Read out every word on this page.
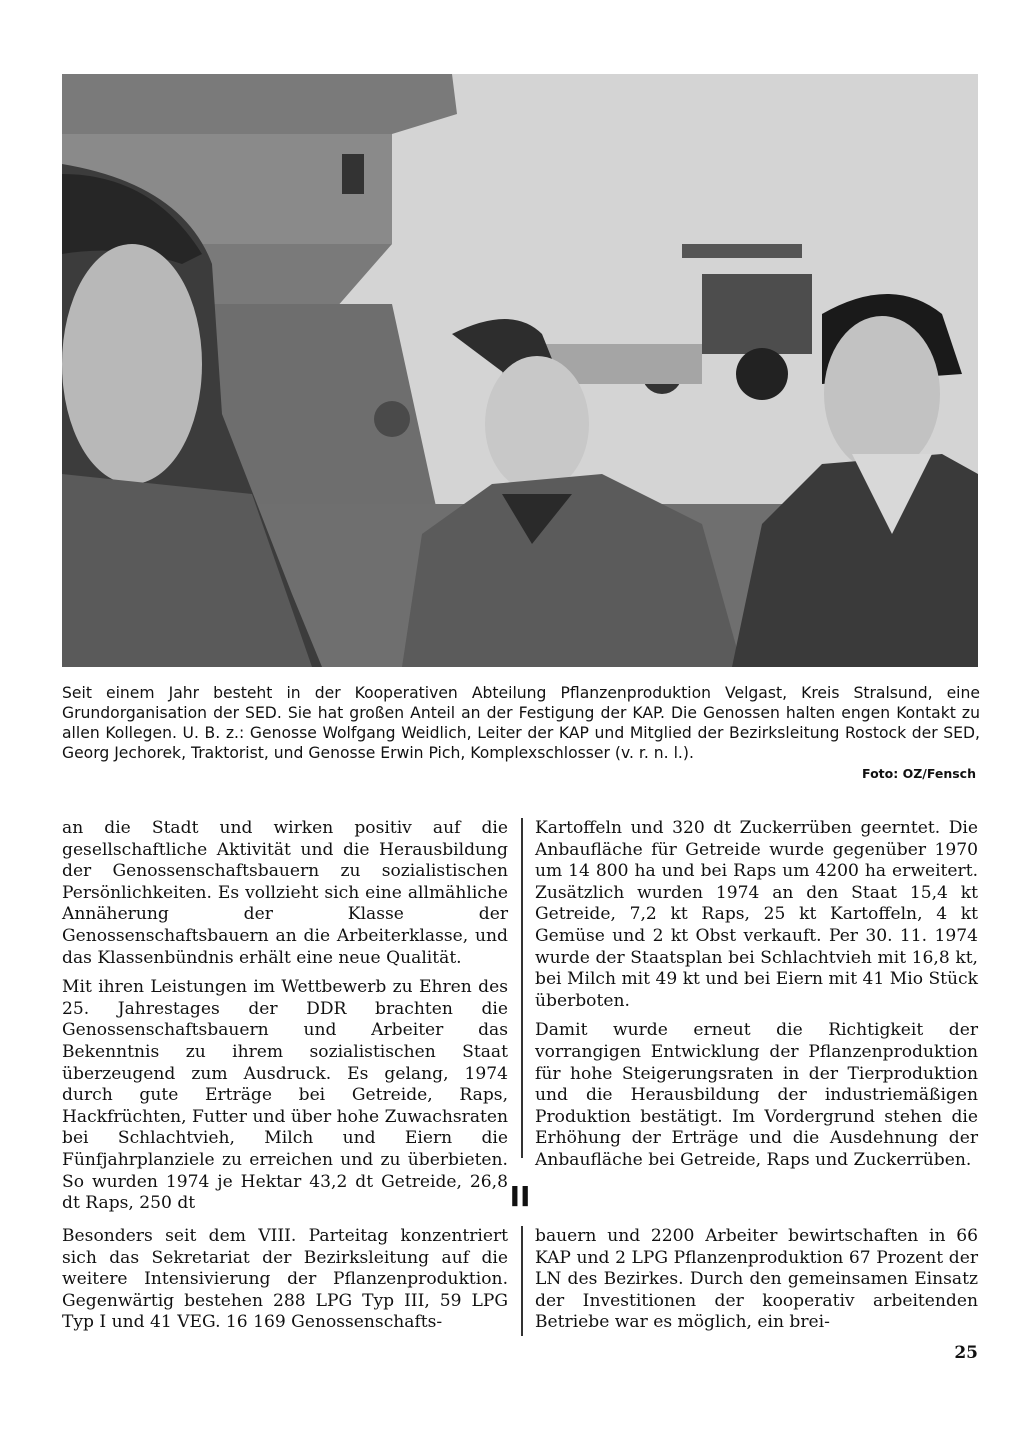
Seit einem Jahr besteht in der Kooperativen Abteilung Pflanzenproduktion Velgast, Kreis Stralsund, eine Grundorganisation der SED. Sie hat großen Anteil an der Festigung der KAP. Die Genossen halten engen Kontakt zu allen Kollegen. U. B. z.: Genosse Wolfgang Weidlich, Leiter der KAP und Mitglied der Bezirksleitung Rostock der SED, Georg Jechorek, Traktorist, und Genosse Erwin Pich, Komplexschlosser (v. r. n. l.).
Foto: OZ/Fensch

an die Stadt und wirken positiv auf die gesellschaftliche Aktivität und die Herausbildung der Genossenschaftsbauern zu sozialistischen Persönlichkeiten. Es vollzieht sich eine allmähliche Annäherung der Klasse der Genossenschaftsbauern an die Arbeiterklasse, und das Klassenbündnis erhält eine neue Qualität.

Mit ihren Leistungen im Wettbewerb zu Ehren des 25. Jahrestages der DDR brachten die Genossenschaftsbauern und Arbeiter das Bekenntnis zu ihrem sozialistischen Staat überzeugend zum Ausdruck. Es gelang, 1974 durch gute Erträge bei Getreide, Raps, Hackfrüchten, Futter und über hohe Zuwachsraten bei Schlachtvieh, Milch und Eiern die Fünfjahrplanziele zu erreichen und zu überbieten. So wurden 1974 je Hektar 43,2 dt Getreide, 26,8 dt Raps, 250 dt

Kartoffeln und 320 dt Zuckerrüben geerntet. Die Anbaufläche für Getreide wurde gegenüber 1970 um 14 800 ha und bei Raps um 4200 ha erweitert. Zusätzlich wurden 1974 an den Staat 15,4 kt Getreide, 7,2 kt Raps, 25 kt Kartoffeln, 4 kt Gemüse und 2 kt Obst verkauft. Per 30. 11. 1974 wurde der Staatsplan bei Schlachtvieh mit 16,8 kt, bei Milch mit 49 kt und bei Eiern mit 41 Mio Stück überboten.

Damit wurde erneut die Richtigkeit der vorrangigen Entwicklung der Pflanzenproduktion für hohe Steigerungsraten in der Tierproduktion und die Herausbildung der industriemäßigen Produktion bestätigt. Im Vordergrund stehen die Erhöhung der Erträge und die Ausdehnung der Anbaufläche bei Getreide, Raps und Zuckerrüben.

II

Besonders seit dem VIII. Parteitag konzentriert sich das Sekretariat der Bezirksleitung auf die weitere Intensivierung der Pflanzenproduktion. Gegenwärtig bestehen 288 LPG Typ III, 59 LPG Typ I und 41 VEG. 16 169 Genossenschafts-

bauern und 2200 Arbeiter bewirtschaften in 66 KAP und 2 LPG Pflanzenproduktion 67 Prozent der LN des Bezirkes. Durch den gemeinsamen Einsatz der Investitionen der kooperativ arbeitenden Betriebe war es möglich, ein brei-

25
